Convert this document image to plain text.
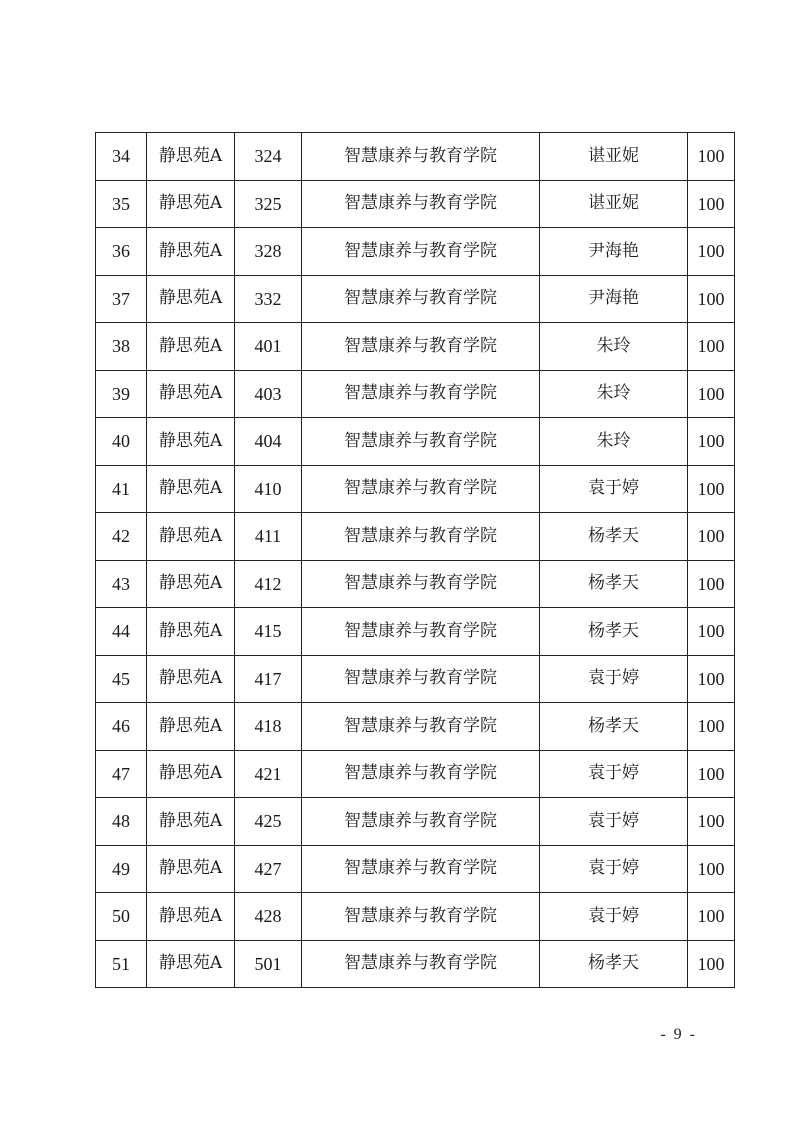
34	静思苑A	324	智慧康养与教育学院	谌亚妮	100
35	静思苑A	325	智慧康养与教育学院	谌亚妮	100
36	静思苑A	328	智慧康养与教育学院	尹海艳	100
37	静思苑A	332	智慧康养与教育学院	尹海艳	100
38	静思苑A	401	智慧康养与教育学院	朱玲	100
39	静思苑A	403	智慧康养与教育学院	朱玲	100
40	静思苑A	404	智慧康养与教育学院	朱玲	100
41	静思苑A	410	智慧康养与教育学院	袁于婷	100
42	静思苑A	411	智慧康养与教育学院	杨孝天	100
43	静思苑A	412	智慧康养与教育学院	杨孝天	100
44	静思苑A	415	智慧康养与教育学院	杨孝天	100
45	静思苑A	417	智慧康养与教育学院	袁于婷	100
46	静思苑A	418	智慧康养与教育学院	杨孝天	100
47	静思苑A	421	智慧康养与教育学院	袁于婷	100
48	静思苑A	425	智慧康养与教育学院	袁于婷	100
49	静思苑A	427	智慧康养与教育学院	袁于婷	100
50	静思苑A	428	智慧康养与教育学院	袁于婷	100
51	静思苑A	501	智慧康养与教育学院	杨孝天	100
- 9 -
